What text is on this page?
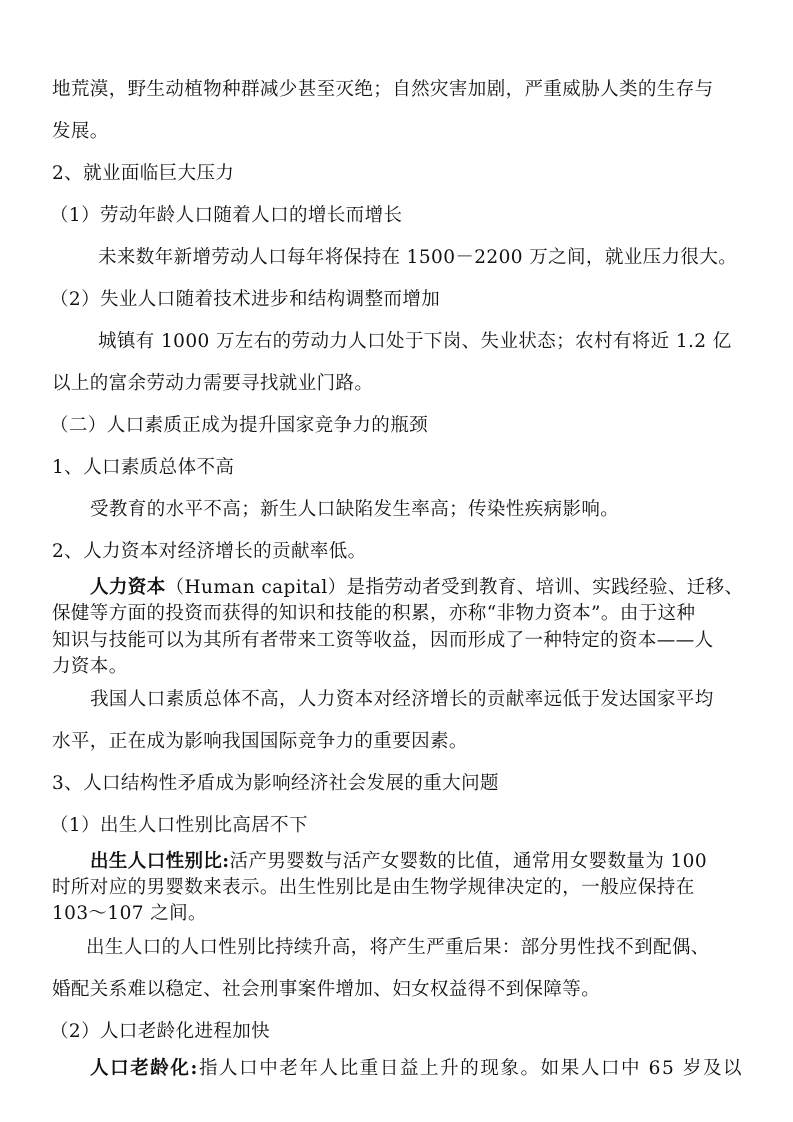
地荒漠，野生动植物种群减少甚至灭绝；自然灾害加剧，严重威胁人类的生存与
发展。
2、就业面临巨大压力
（1）劳动年龄人口随着人口的增长而增长
未来数年新增劳动人口每年将保持在 1500－2200 万之间，就业压力很大。
（2）失业人口随着技术进步和结构调整而增加
城镇有 1000 万左右的劳动力人口处于下岗、失业状态；农村有将近 1.2 亿
以上的富余劳动力需要寻找就业门路。
（二）人口素质正成为提升国家竞争力的瓶颈
1、人口素质总体不高
受教育的水平不高；新生人口缺陷发生率高；传染性疾病影响。
2、人力资本对经济增长的贡献率低。
人力资本（Human capital）是指劳动者受到教育、培训、实践经验、迁移、
保健等方面的投资而获得的知识和技能的积累，亦称“非物力资本”。由于这种
知识与技能可以为其所有者带来工资等收益，因而形成了一种特定的资本——人
力资本。
我国人口素质总体不高，人力资本对经济增长的贡献率远低于发达国家平均
水平，正在成为影响我国国际竞争力的重要因素。
3、人口结构性矛盾成为影响经济社会发展的重大问题
（1）出生人口性别比高居不下
出生人口性别比:活产男婴数与活产女婴数的比值，通常用女婴数量为 100
时所对应的男婴数来表示。出生性别比是由生物学规律决定的，一般应保持在
103～107 之间。
出生人口的人口性别比持续升高，将产生严重后果：部分男性找不到配偶、
婚配关系难以稳定、社会刑事案件增加、妇女权益得不到保障等。
（2）人口老龄化进程加快
人口老龄化:指人口中老年人比重日益上升的现象。如果人口中 65 岁及以
